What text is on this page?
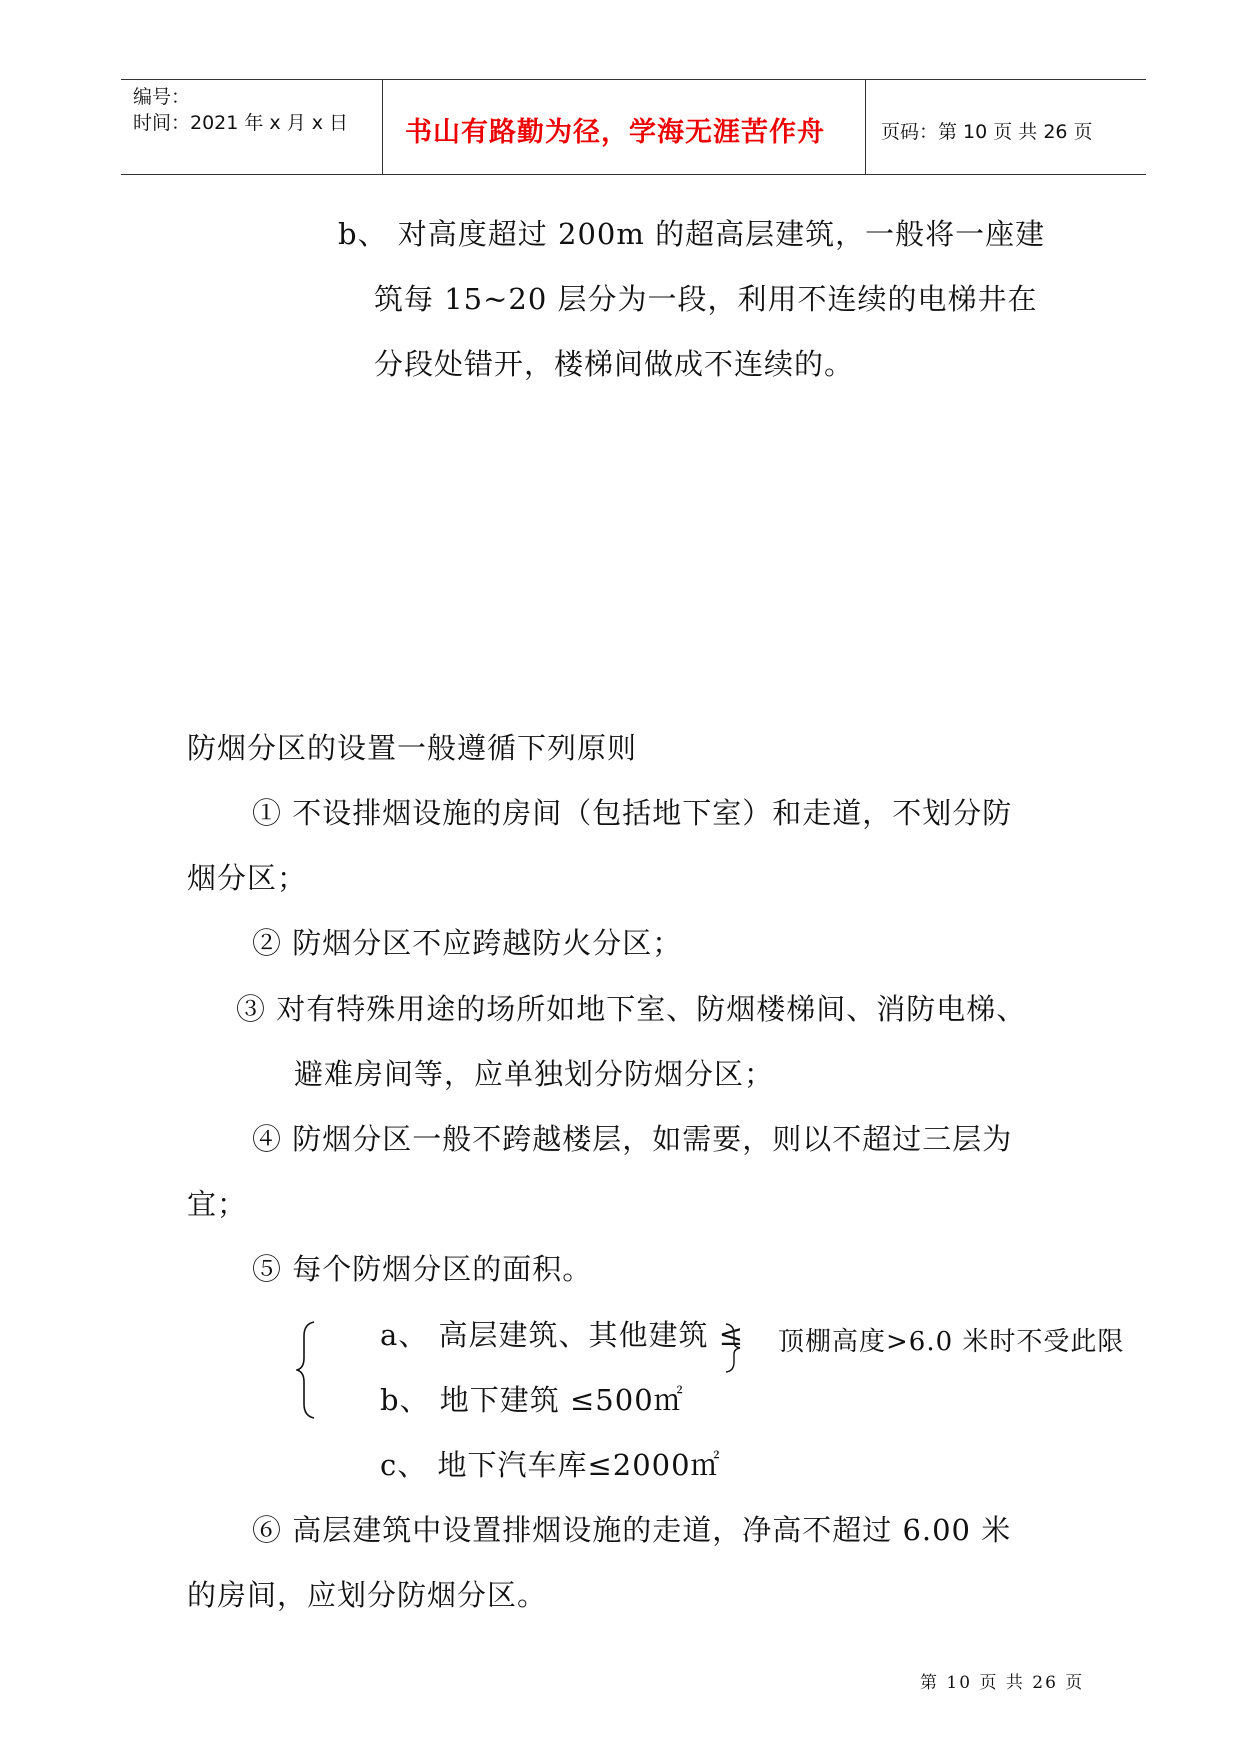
编号：
时间：2021 年 x 月 x 日 书山有路勤为径，学海无涯苦作舟	页码：第 10 页 共 26 页
b、 对高度超过 200m 的超高层建筑，一般将一座建
筑每 15~20 层分为一段，利用不连续的电梯井在
分段处错开，楼梯间做成不连续的。
防烟分区的设置一般遵循下列原则
① 不设排烟设施的房间（包括地下室）和走道，不划分防
烟分区；
② 防烟分区不应跨越防火分区；
③ 对有特殊用途的场所如地下室、防烟楼梯间、消防电梯、
避难房间等，应单独划分防烟分区；
④ 防烟分区一般不跨越楼层，如需要，则以不超过三层为
宜；
⑤ 每个防烟分区的面积。
a、 高层建筑、其他建筑 ≤ 顶棚高度>6.0 米时不受此限
b、 地下建筑 ≤500㎡
c、 地下汽车库≤2000㎡
⑥ 高层建筑中设置排烟设施的走道，净高不超过 6.00 米
的房间，应划分防烟分区。
第 10 页 共 26 页
